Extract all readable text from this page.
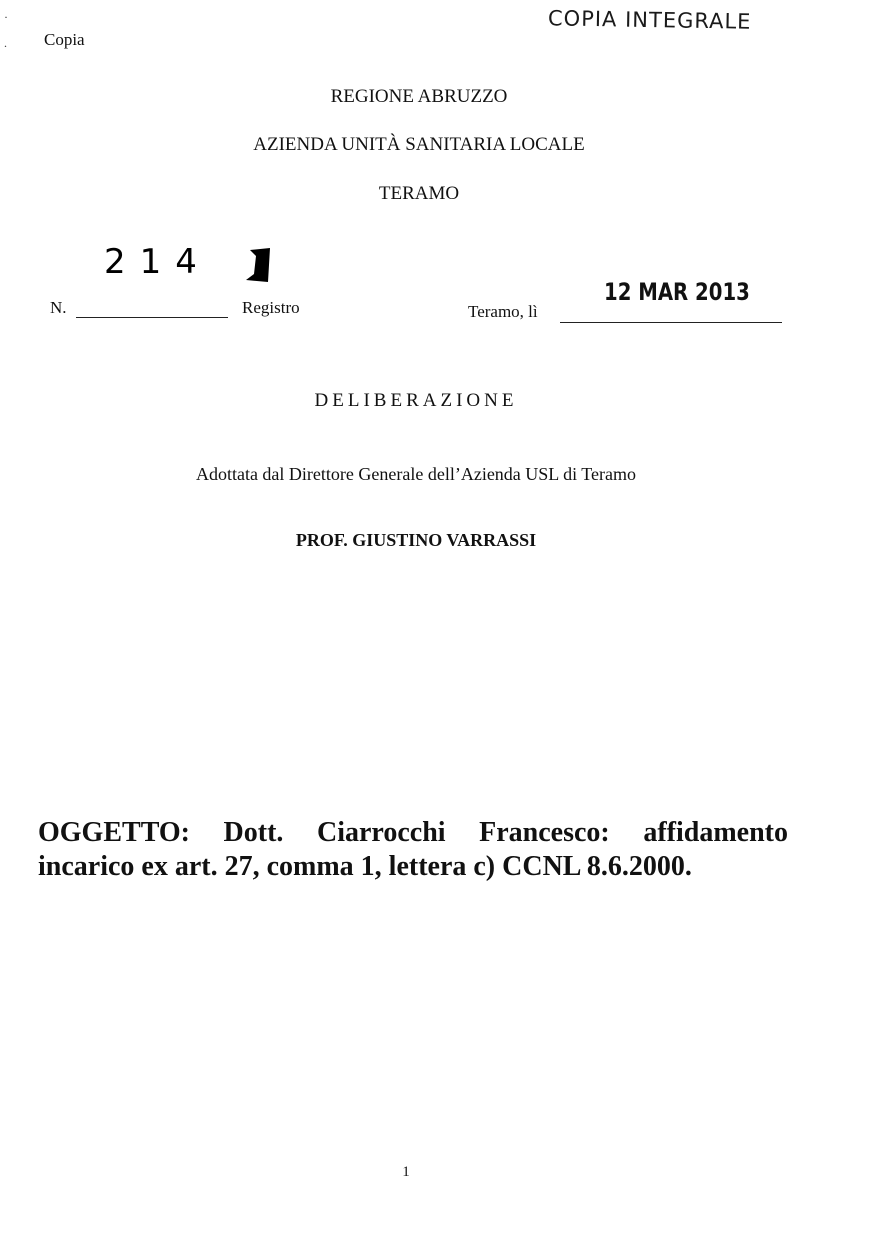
·
. Copia
COPIA INTEGRALE
REGIONE ABRUZZO
AZIENDA UNITÀ SANITARIA LOCALE
TERAMO
214
N.	Registro	Teramo, lì
12 MAR 2013
DELIBERAZIONE
Adottata dal Direttore Generale dell’Azienda USL di Teramo
PROF. GIUSTINO VARRASSI
OGGETTO: Dott. Ciarrocchi Francesco: affidamento
incarico ex art. 27, comma 1, lettera c) CCNL 8.6.2000.
1
